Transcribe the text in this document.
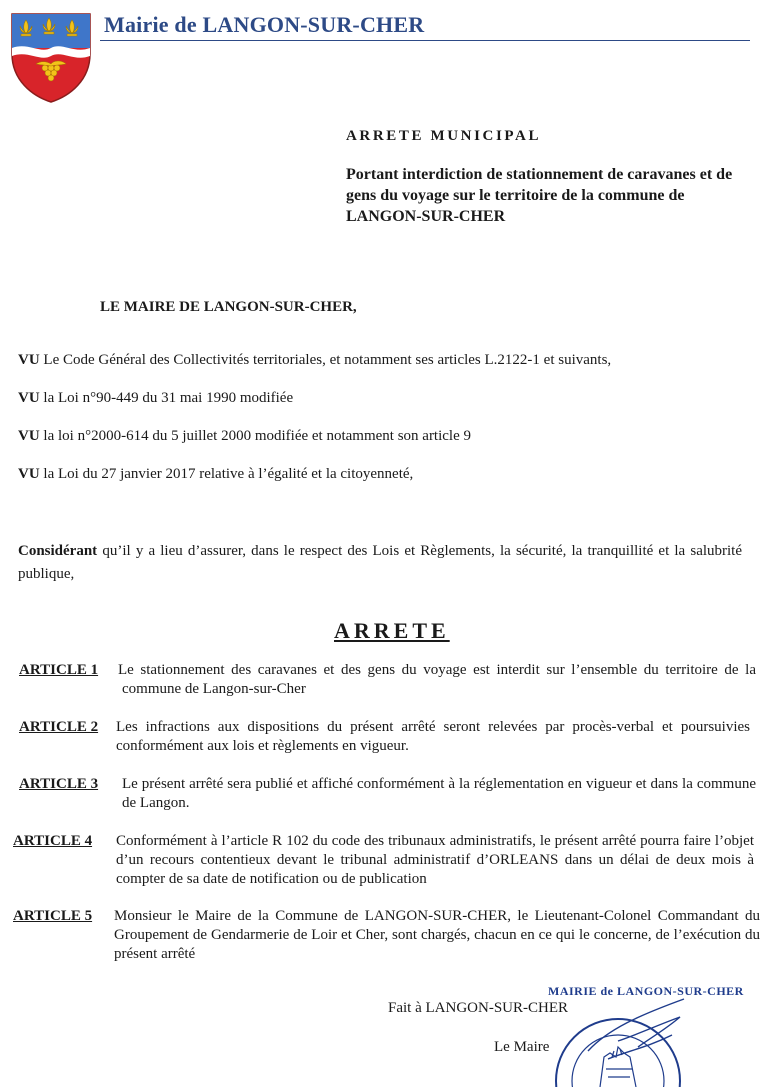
Mairie de LANGON-SUR-CHER
ARRETE MUNICIPAL
Portant interdiction de stationnement de caravanes et de gens du voyage sur le territoire de la commune de LANGON-SUR-CHER
LE MAIRE DE LANGON-SUR-CHER,
VU Le Code Général des Collectivités territoriales, et notamment ses articles L.2122-1 et suivants,
VU la Loi n°90-449 du 31 mai 1990 modifiée
VU la loi n°2000-614 du 5 juillet 2000 modifiée et notamment son article 9
VU la Loi du 27 janvier 2017 relative à l’égalité et la citoyenneté,
Considérant qu’il y a lieu d’assurer, dans le respect des Lois et Règlements, la sécurité, la tranquillité et la salubrité publique,
ARRETE
ARTICLE 1	Le stationnement des caravanes et des gens du voyage est interdit sur l’ensemble du territoire de la commune de Langon-sur-Cher
ARTICLE 2	Les infractions aux dispositions du présent arrêté seront relevées par procès-verbal et poursuivies conformément aux lois et règlements en vigueur.
ARTICLE 3	Le présent arrêté sera publié et affiché conformément à la réglementation en vigueur et dans la commune de Langon.
ARTICLE 4	Conformément à l’article R 102 du code des tribunaux administratifs, le présent arrêté pourra faire l’objet d’un recours contentieux devant le tribunal administratif d’ORLEANS dans un délai de deux mois à compter de sa date de notification ou de publication
ARTICLE 5	Monsieur le Maire de la Commune de LANGON-SUR-CHER, le Lieutenant-Colonel Commandant du Groupement de Gendarmerie de Loir et Cher, sont chargés, chacun en ce qui le concerne, de l’exécution du présent arrêté
Fait à LANGON-SUR-CHER
Le Maire
MAIRIE de LANGON-SUR-CHER
